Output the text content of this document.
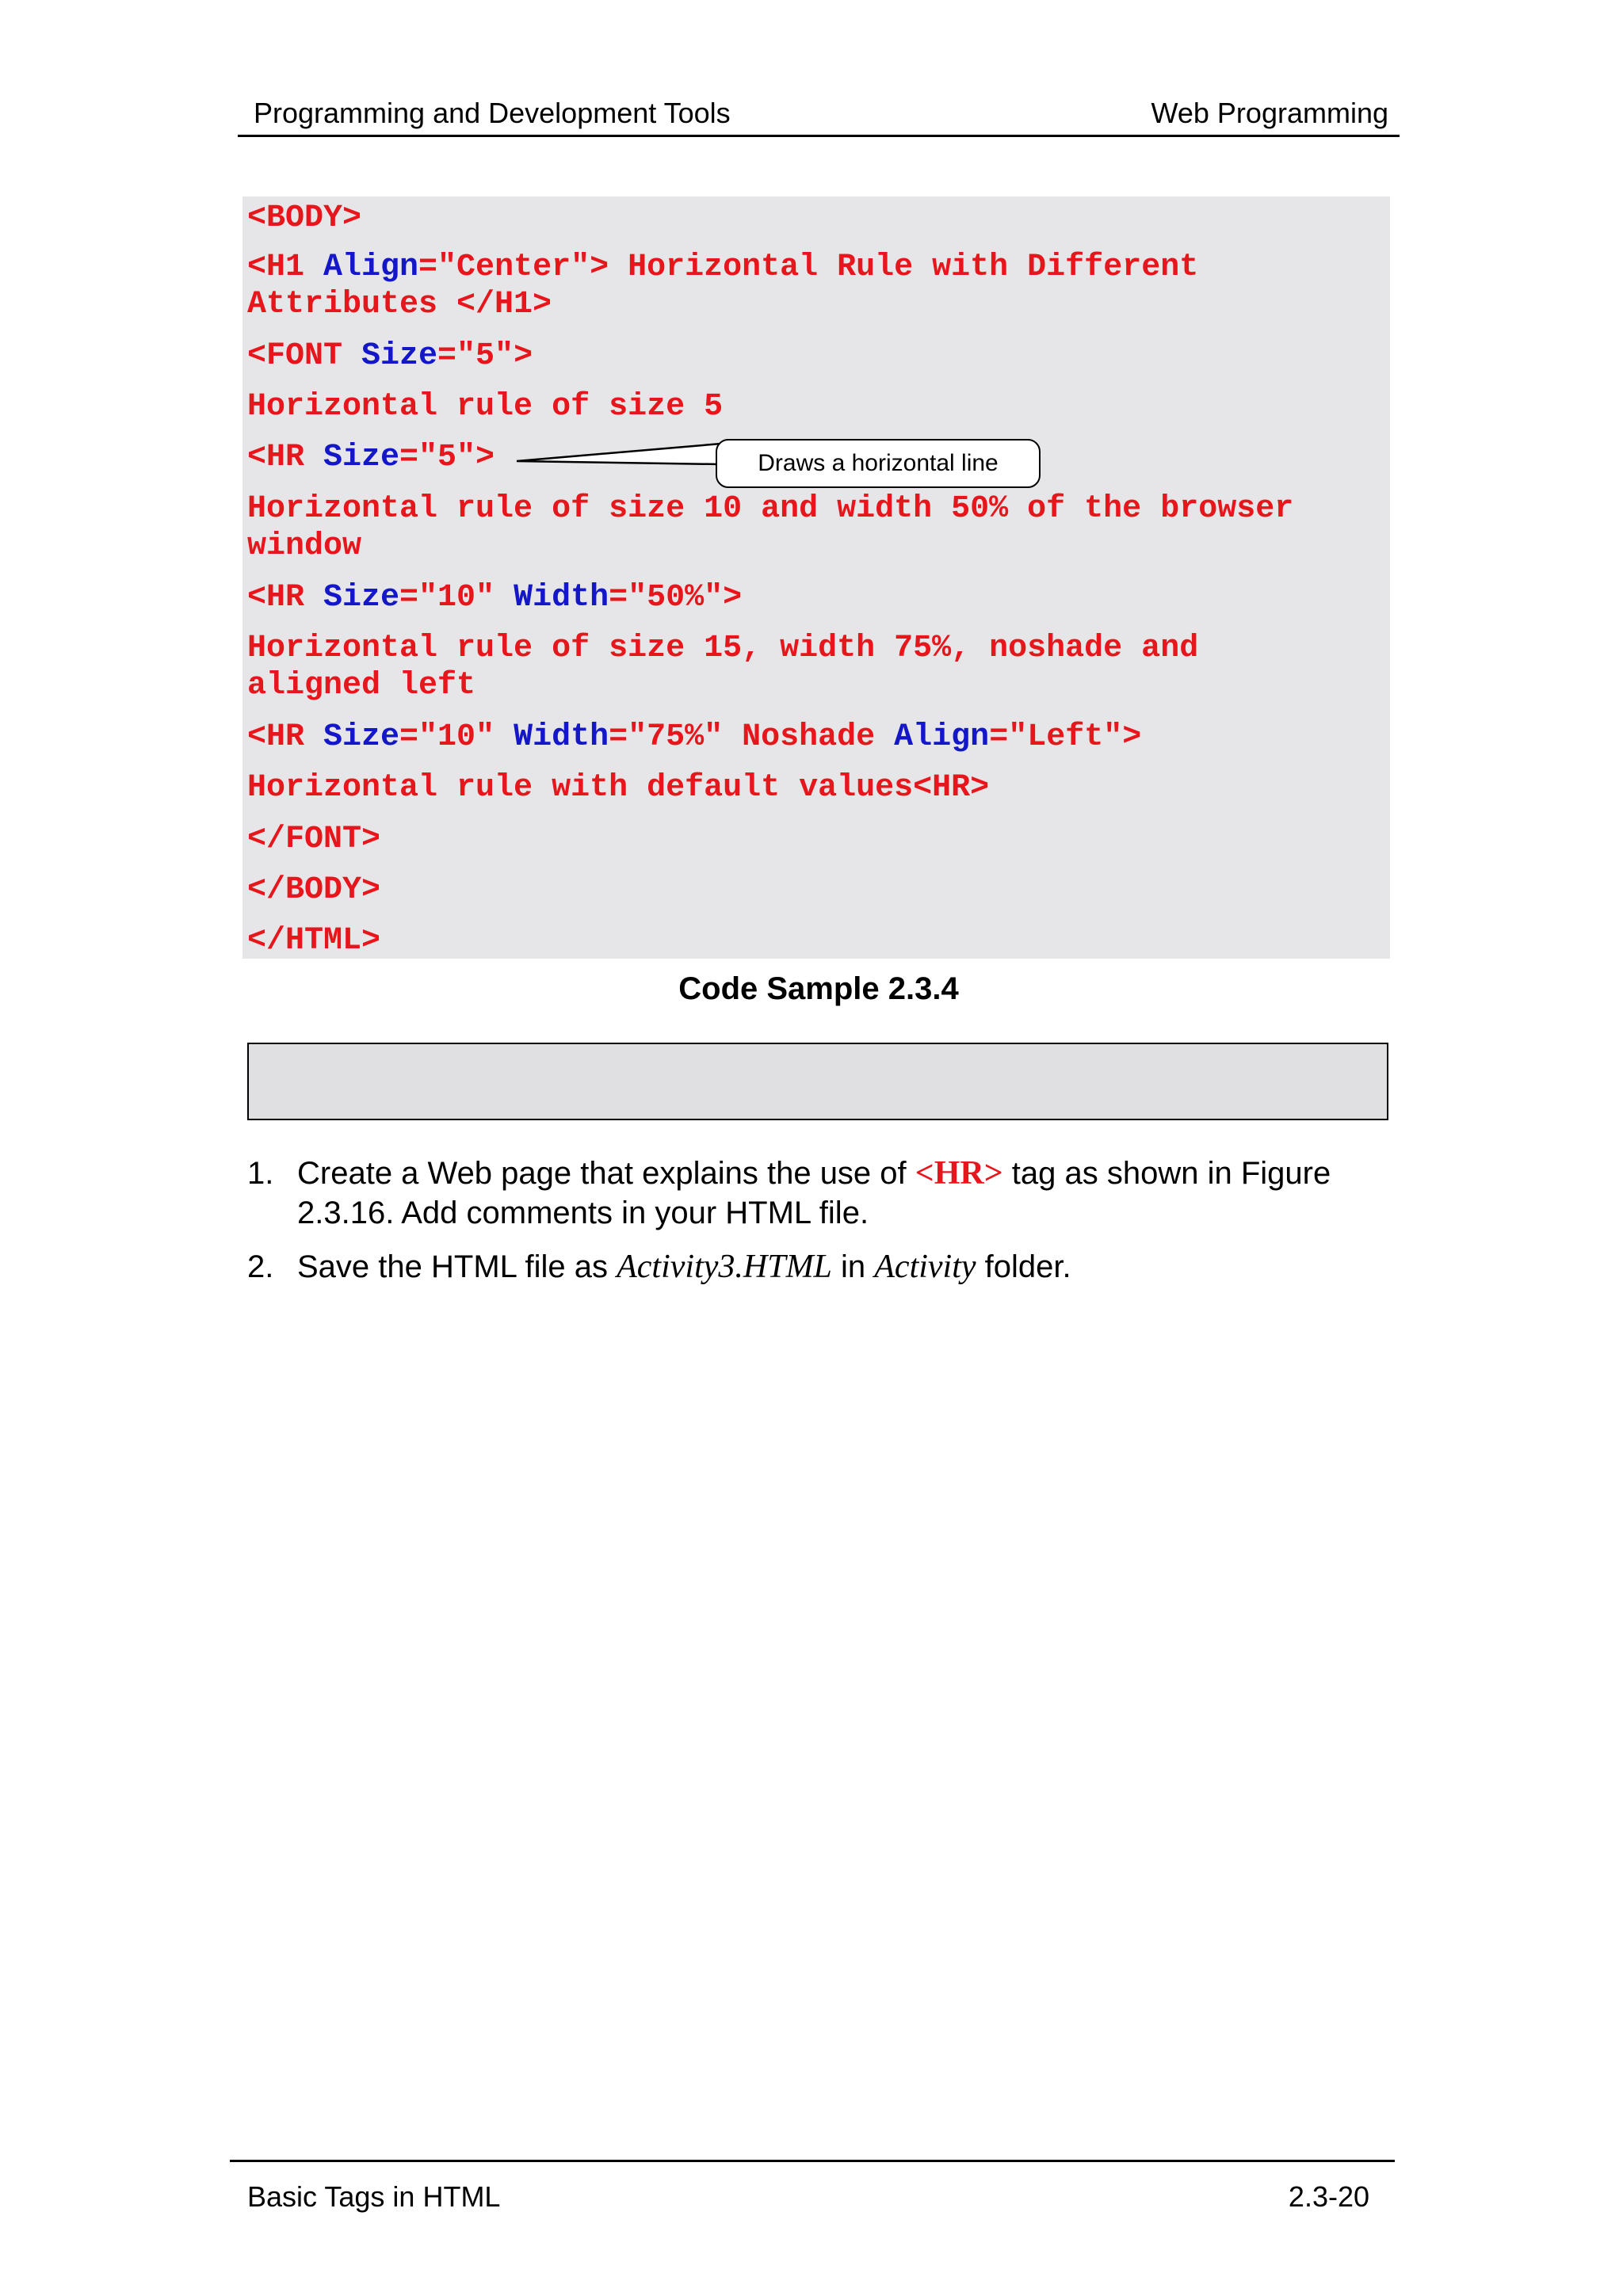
Programming and Development Tools	Web Programming
<BODY>
<H1 Align="Center"> Horizontal Rule with Different
Attributes </H1>
<FONT Size="5">
Horizontal rule of size 5
<HR Size="5">
Horizontal rule of size 10 and width 50% of the browser
window
<HR Size="10" Width="50%">
Horizontal rule of size 15, width 75%, noshade and
aligned left
<HR Size="10" Width="75%" Noshade Align="Left">
Horizontal rule with default values<HR>
</FONT>
</BODY>
</HTML>
Draws a horizontal line
Code Sample 2.3.4
1. Create a Web page that explains the use of <HR> tag as shown in Figure 2.3.16. Add comments in your HTML file.
2. Save the HTML file as Activity3.HTML in Activity folder.
Basic Tags in HTML	2.3-20
